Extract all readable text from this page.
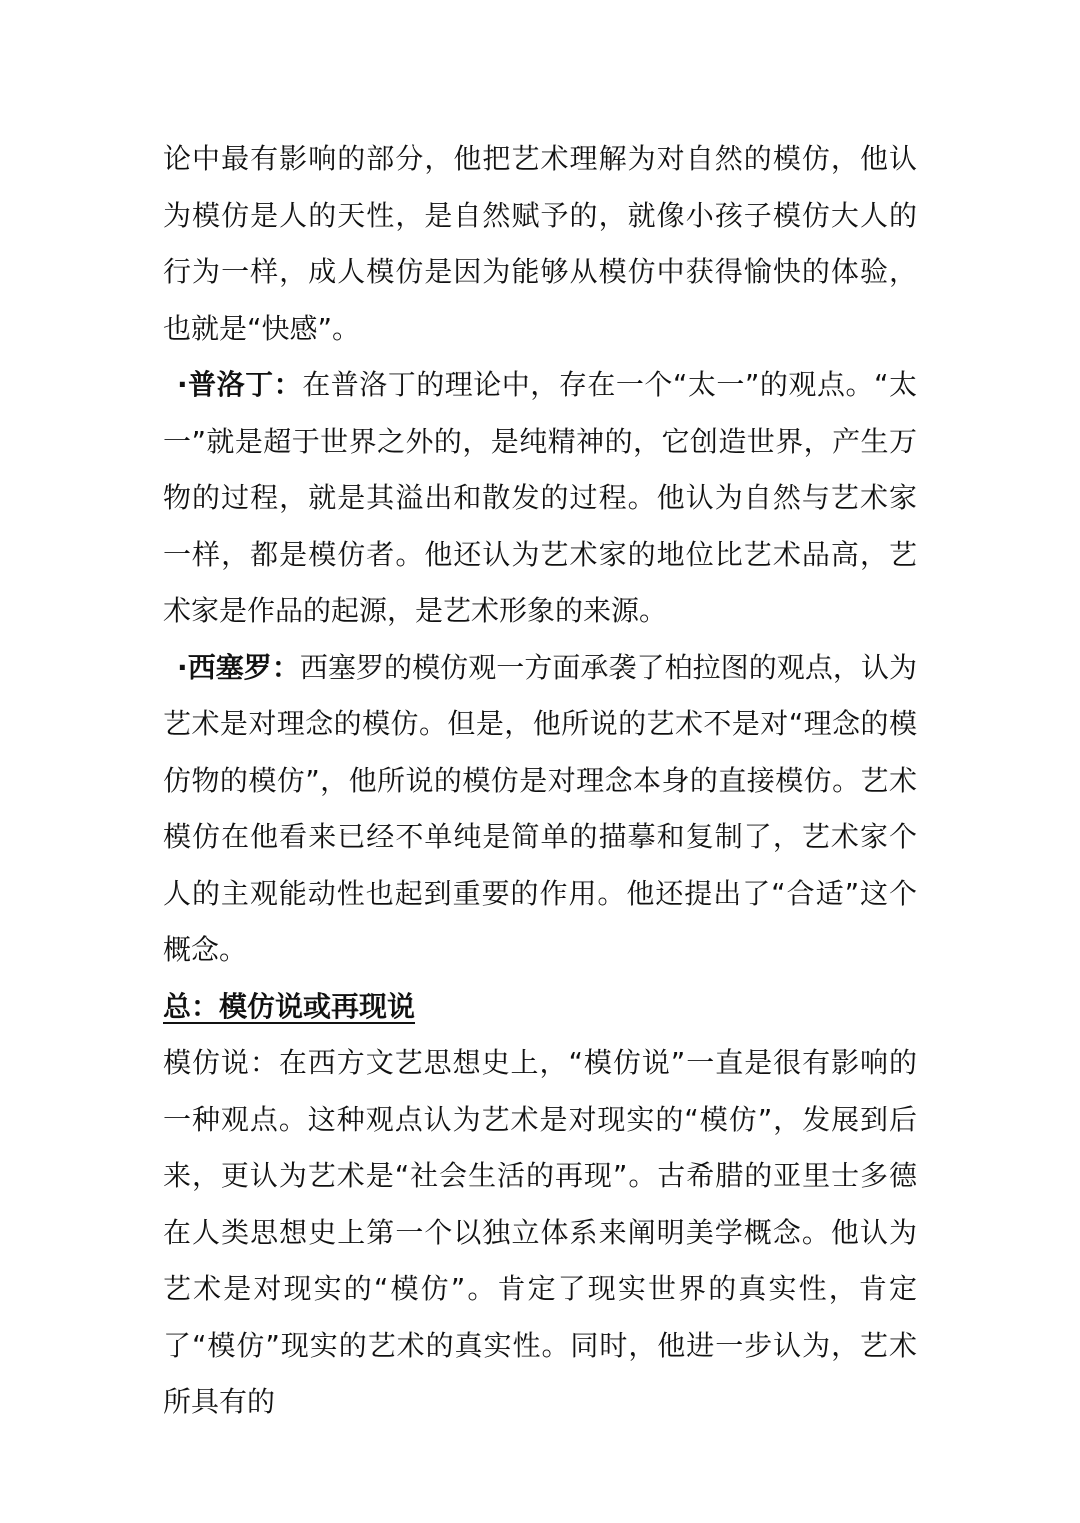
论中最有影响的部分，他把艺术理解为对自然的模仿，他认为模仿是人的天性，是自然赋予的，就像小孩子模仿大人的行为一样，成人模仿是因为能够从模仿中获得愉快的体验，也就是“快感”。

·普洛丁：在普洛丁的理论中，存在一个“太一”的观点。“太一”就是超于世界之外的，是纯精神的，它创造世界，产生万物的过程，就是其溢出和散发的过程。他认为自然与艺术家一样，都是模仿者。他还认为艺术家的地位比艺术品高，艺术家是作品的起源，是艺术形象的来源。

·西塞罗：西塞罗的模仿观一方面承袭了柏拉图的观点，认为艺术是对理念的模仿。但是，他所说的艺术不是对“理念的模仿物的模仿”，他所说的模仿是对理念本身的直接模仿。艺术模仿在他看来已经不单纯是简单的描摹和复制了，艺术家个人的主观能动性也起到重要的作用。他还提出了“合适”这个概念。

总：模仿说或再现说

模仿说：在西方文艺思想史上，“模仿说”一直是很有影响的一种观点。这种观点认为艺术是对现实的“模仿”，发展到后来，更认为艺术是“社会生活的再现”。古希腊的亚里士多德在人类思想史上第一个以独立体系来阐明美学概念。他认为艺术是对现实的“模仿”。肯定了现实世界的真实性，肯定了“模仿”现实的艺术的真实性。同时，他进一步认为，艺术所具有的
